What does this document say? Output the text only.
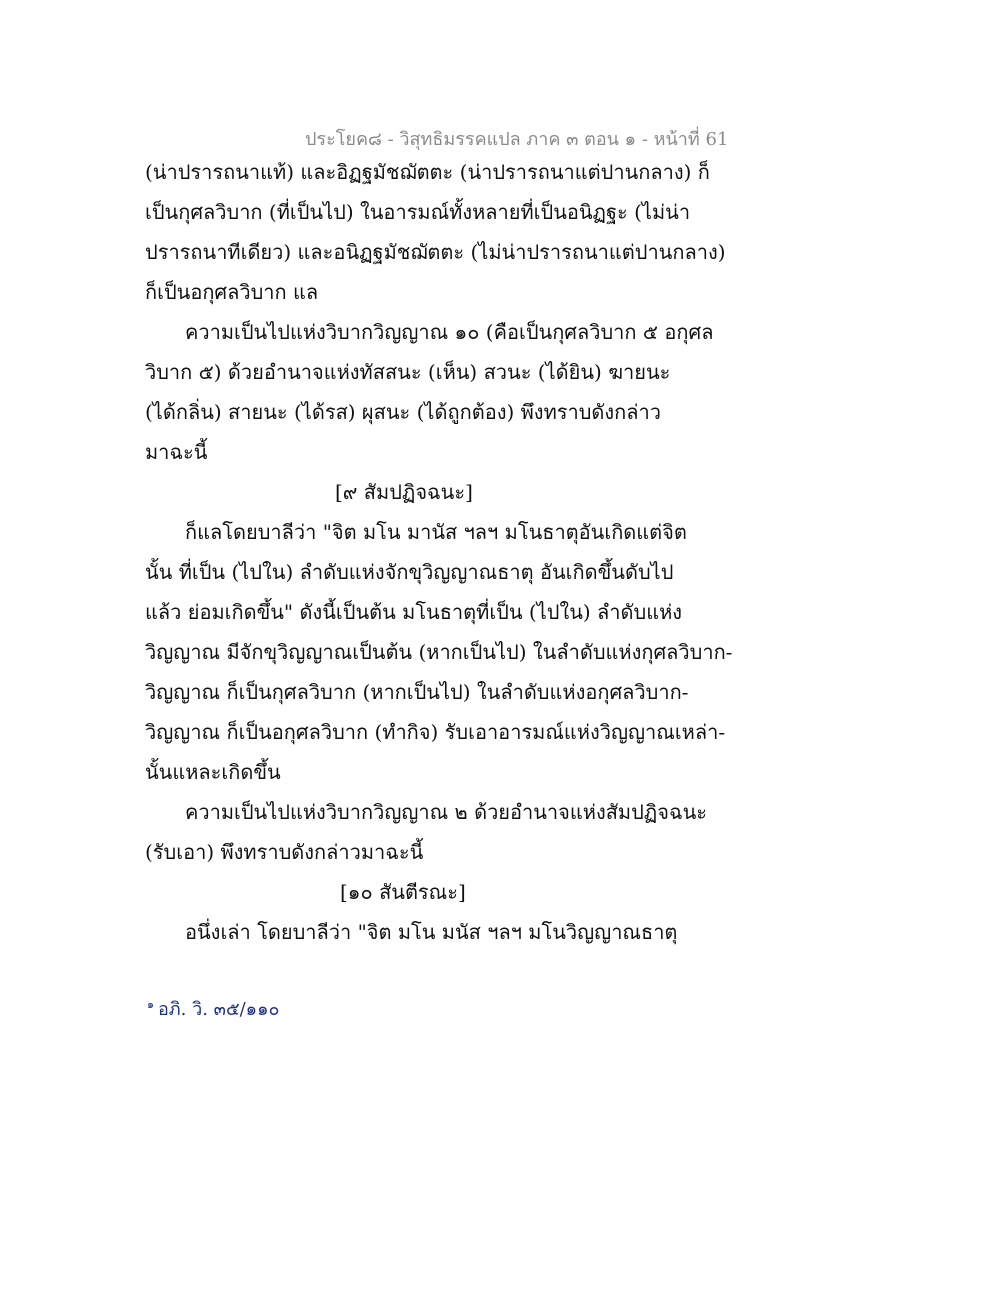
ประโยค๘ - วิสุทธิมรรคแปล ภาค ๓ ตอน ๑ - หน้าที่ 61
(น่าปรารถนาแท้) และอิฏฐมัชฌัตตะ (น่าปรารถนาแต่ปานกลาง) ก็
เป็นกุศลวิบาก (ที่เป็นไป) ในอารมณ์ทั้งหลายที่เป็นอนิฏฐะ (ไม่น่า
ปรารถนาทีเดียว) และอนิฏฐมัชฌัตตะ (ไม่น่าปรารถนาแต่ปานกลาง)
ก็เป็นอกุศลวิบาก แล
ความเป็นไปแห่งวิบากวิญญาณ ๑๐ (คือเป็นกุศลวิบาก ๕ อกุศล
วิบาก ๕) ด้วยอำนาจแห่งทัสสนะ (เห็น) สวนะ (ได้ยิน) ฆายนะ
(ได้กลิ่น) สายนะ (ได้รส) ผุสนะ (ได้ถูกต้อง) พึงทราบดังกล่าว
มาฉะนี้
[๙ สัมปฏิจฉนะ]
ก็แลโดยบาลีว่า "จิต มโน มานัส ฯลฯ มโนธาตุอันเกิดแต่จิต
นั้น ที่เป็น (ไปใน) ลำดับแห่งจักขุวิญญาณธาตุ อันเกิดขึ้นดับไป
แล้ว ย่อมเกิดขึ้น" ดังนี้เป็นต้น มโนธาตุที่เป็น (ไปใน) ลำดับแห่ง
วิญญาณ มีจักขุวิญญาณเป็นต้น (หากเป็นไป) ในลำดับแห่งกุศลวิบาก-
วิญญาณ ก็เป็นกุศลวิบาก (หากเป็นไป) ในลำดับแห่งอกุศลวิบาก-
วิญญาณ ก็เป็นอกุศลวิบาก (ทำกิจ) รับเอาอารมณ์แห่งวิญญาณเหล่า-
นั้นแหละเกิดขึ้น
ความเป็นไปแห่งวิบากวิญญาณ ๒ ด้วยอำนาจแห่งสัมปฏิจฉนะ
(รับเอา) พึงทราบดังกล่าวมาฉะนี้
[๑๐ สันตีรณะ]
อนึ่งเล่า โดยบาลีว่า "จิต มโน มนัส ฯลฯ มโนวิญญาณธาตุ
$^๑$ อภิ. วิ. ๓๕/๑๑๐
